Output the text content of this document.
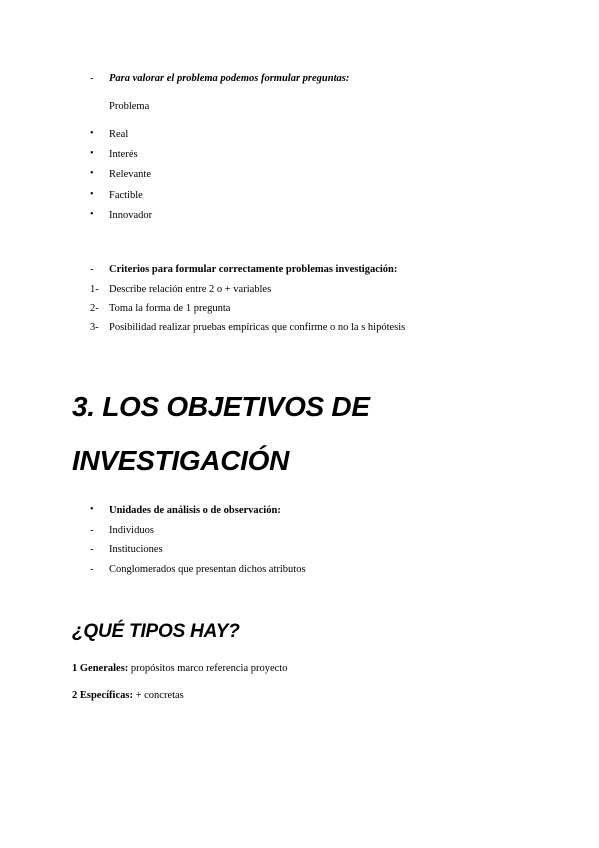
- Para valorar el problema podemos formular preguntas:
Problema
• Real
• Interés
• Relevante
• Factible
• Innovador
- Criterios para formular correctamente problemas investigación:
1- Describe relación entre 2 o + variables
2- Toma la forma de 1 pregunta
3- Posibilidad realizar pruebas empíricas que confirme o no la s hipótesis
3. LOS OBJETIVOS DE
INVESTIGACIÓN
• Unidades de análisis o de observación:
- Individuos
- Instituciones
- Conglomerados que presentan dichos atributos
¿QUÉ TIPOS HAY?
1 Generales: propósitos marco referencia proyecto
2 Específicas: + concretas
